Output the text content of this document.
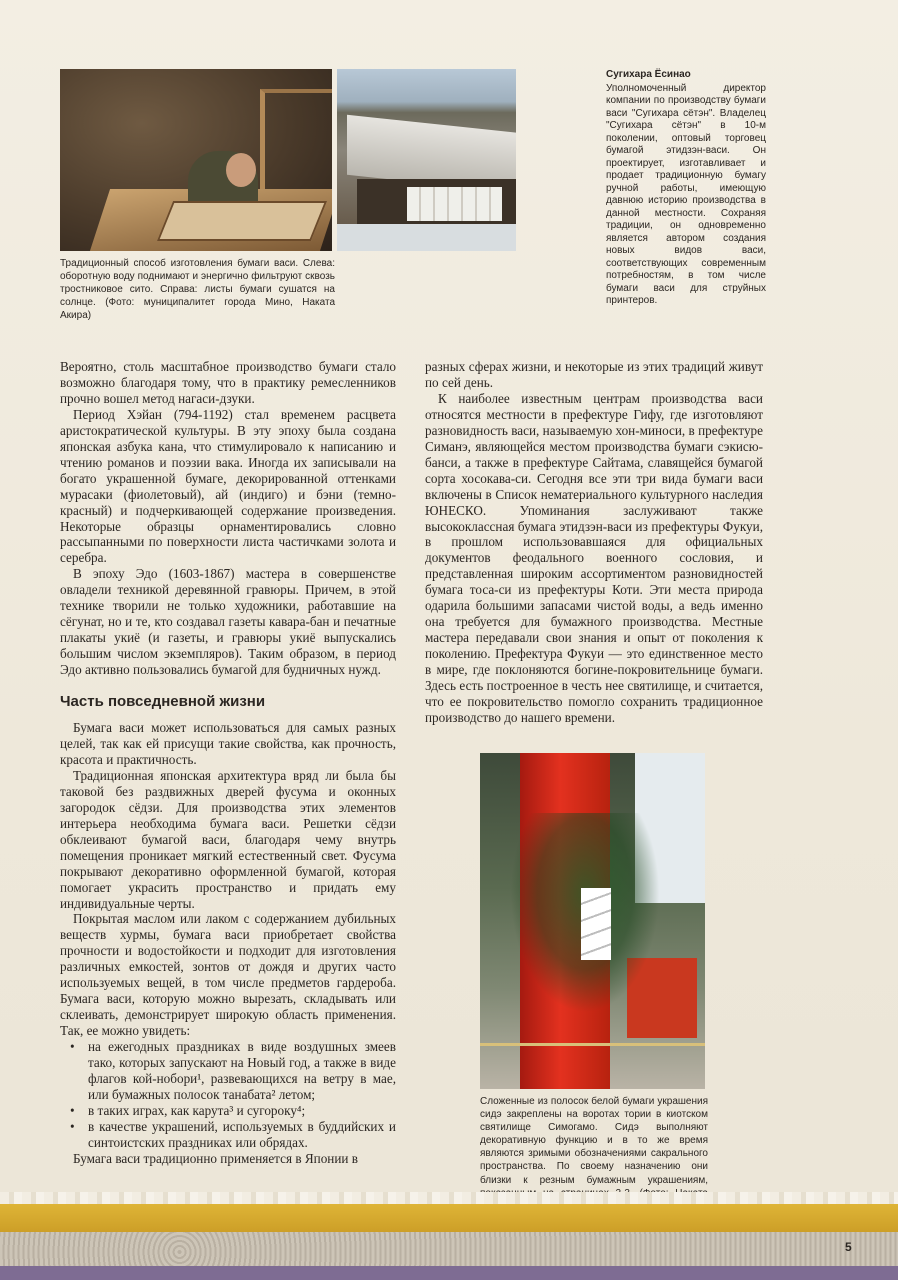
Традиционный способ изготовления бумаги васи. Слева: оборотную воду поднимают и энергично фильтруют сквозь тростниковое сито. Справа: листы бумаги сушатся на солнце. (Фото: муниципалитет города Мино, Наката Акира)

Сугихара Ёсинао

Уполномоченный директор компании по производству бумаги васи "Сугихара сётэн". Владелец "Сугихара сётэн" в 10-м поколении, оптовый торговец бумагой этидзэн-васи. Он проектирует, изготавливает и продает традиционную бумагу ручной работы, имеющую давнюю историю производства в данной местности. Сохраняя традиции, он одновременно является автором создания новых видов васи, соответствующих современным потребностям, в том числе бумаги васи для струйных принтеров.

Вероятно, столь масштабное производство бумаги стало возможно благодаря тому, что в практику ремесленников прочно вошел метод нагаси-дзуки.

Период Хэйан (794-1192) стал временем расцвета аристократической культуры. В эту эпоху была создана японская азбука кана, что стимулировало к написанию и чтению романов и поэзии вака. Иногда их записывали на богато украшенной бумаге, декорированной оттенками мурасаки (фиолетовый), ай (индиго) и бэни (темно-красный) и подчеркивающей содержание произведения. Некоторые образцы орнаментировались словно рассыпанными по поверхности листа частичками золота и серебра.

В эпоху Эдо (1603-1867) мастера в совершенстве овладели техникой деревянной гравюры. Причем, в этой технике творили не только художники, работавшие на сёгунат, но и те, кто создавал газеты кавара-бан и печатные плакаты укиё (и газеты, и гравюры укиё выпускались большим числом экземпляров). Таким образом, в период Эдо активно пользовались бумагой для будничных нужд.

Часть повседневной жизни

Бумага васи может использоваться для самых разных целей, так как ей присущи такие свойства, как прочность, красота и практичность.

Традиционная японская архитектура вряд ли была бы таковой без раздвижных дверей фусума и оконных загородок сёдзи. Для производства этих элементов интерьера необходима бумага васи. Решетки сёдзи обклеивают бумагой васи, благодаря чему внутрь помещения проникает мягкий естественный свет. Фусума покрывают декоративно оформленной бумагой, которая помогает украсить пространство и придать ему индивидуальные черты.

Покрытая маслом или лаком с содержанием дубильных веществ хурмы, бумага васи приобретает свойства прочности и водостойкости и подходит для изготовления различных емкостей, зонтов от дождя и других часто используемых вещей, в том числе предметов гардероба. Бумага васи, которую можно вырезать, складывать или склеивать, демонстрирует широкую область применения. Так, ее можно увидеть:

• на ежегодных праздниках в виде воздушных змеев тако, которых запускают на Новый год, а также в виде флагов кой-нобори¹, развевающихся на ветру в мае, или бумажных полосок танабата² летом;
• в таких играх, как карута³ и сугороку⁴;
• в качестве украшений, используемых в буддийских и синтоистских праздниках или обрядах.

Бумага васи традиционно применяется в Японии в

разных сферах жизни, и некоторые из этих традиций живут по сей день.

К наиболее известным центрам производства васи относятся местности в префектуре Гифу, где изготовляют разновидность васи, называемую хон-миноси, в префектуре Симанэ, являющейся местом производства бумаги сэкисю-банси, а также в префектуре Сайтама, славящейся бумагой сорта хосокава-си. Сегодня все эти три вида бумаги васи включены в Список нематериального культурного наследия ЮНЕСКО. Упоминания заслуживают также высококлассная бумага этидзэн-васи из префектуры Фукуи, в прошлом использовавшаяся для официальных документов феодального военного сословия, и представленная широким ассортиментом разновидностей бумага тоса-си из префектуры Коти. Эти места природа одарила большими запасами чистой воды, а ведь именно она требуется для бумажного производства. Местные мастера передавали свои знания и опыт от поколения к поколению. Префектура Фукуи — это единственное место в мире, где поклоняются богине-покровительнице бумаги. Здесь есть построенное в честь нее святилище, и считается, что ее покровительство помогло сохранить традиционное производство до нашего времени.

Сложенные из полосок белой бумаги украшения сидэ закреплены на воротах тории в киотском святилище Симогамо. Сидэ выполняют декоративную функцию и в то же время являются зримыми обозначениями сакрального пространства. По своему назначению они близки к резным бумажным украшениям,

5
